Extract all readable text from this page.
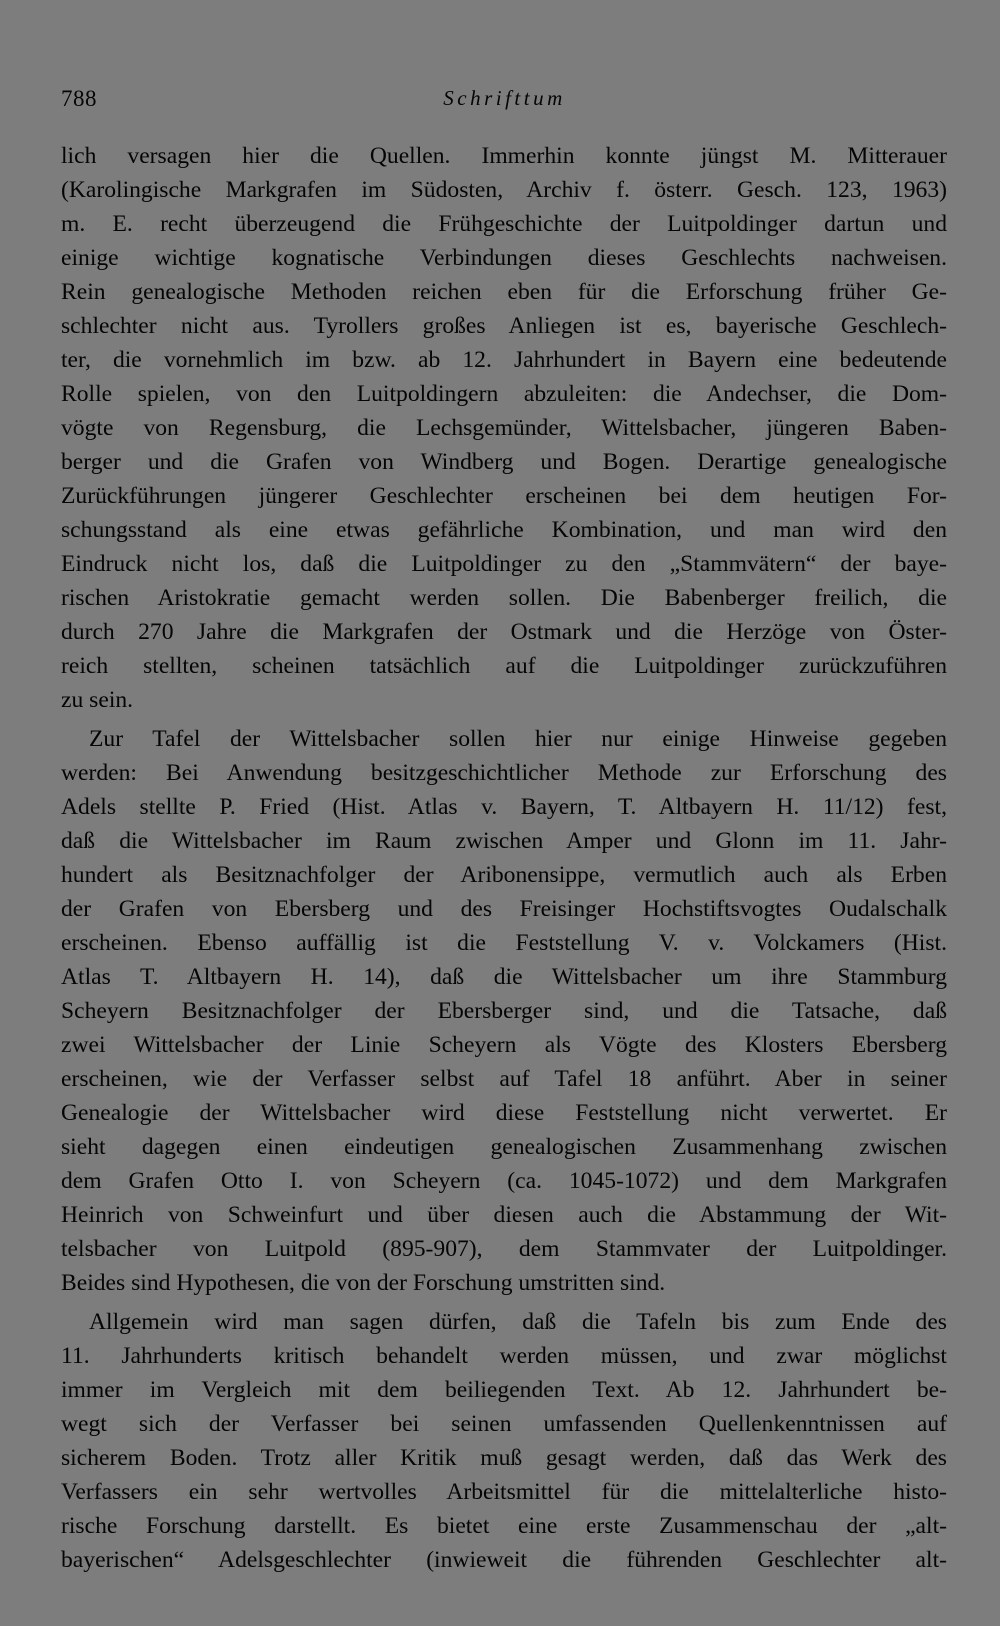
788	Schrifttum
lich versagen hier die Quellen. Immerhin konnte jüngst M. Mitterauer
(Karolingische Markgrafen im Südosten, Archiv f. österr. Gesch. 123, 1963)
m. E. recht überzeugend die Frühgeschichte der Luitpoldinger dartun und
einige wichtige kognatische Verbindungen dieses Geschlechts nachweisen.
Rein genealogische Methoden reichen eben für die Erforschung früher Ge-
schlechter nicht aus. Tyrollers großes Anliegen ist es, bayerische Geschlech-
ter, die vornehmlich im bzw. ab 12. Jahrhundert in Bayern eine bedeutende
Rolle spielen, von den Luitpoldingern abzuleiten: die Andechser, die Dom-
vögte von Regensburg, die Lechsgemünder, Wittelsbacher, jüngeren Baben-
berger und die Grafen von Windberg und Bogen. Derartige genealogische
Zurückführungen jüngerer Geschlechter erscheinen bei dem heutigen For-
schungsstand als eine etwas gefährliche Kombination, und man wird den
Eindruck nicht los, daß die Luitpoldinger zu den „Stammvätern“ der baye-
rischen Aristokratie gemacht werden sollen. Die Babenberger freilich, die
durch 270 Jahre die Markgrafen der Ostmark und die Herzöge von Öster-
reich stellten, scheinen tatsächlich auf die Luitpoldinger zurückzuführen
zu sein.
Zur Tafel der Wittelsbacher sollen hier nur einige Hinweise gegeben
werden: Bei Anwendung besitzgeschichtlicher Methode zur Erforschung des
Adels stellte P. Fried (Hist. Atlas v. Bayern, T. Altbayern H. 11/12) fest,
daß die Wittelsbacher im Raum zwischen Amper und Glonn im 11. Jahr-
hundert als Besitznachfolger der Aribonensippe, vermutlich auch als Erben
der Grafen von Ebersberg und des Freisinger Hochstiftsvogtes Oudalschalk
erscheinen. Ebenso auffällig ist die Feststellung V. v. Volckamers (Hist.
Atlas T. Altbayern H. 14), daß die Wittelsbacher um ihre Stammburg
Scheyern Besitznachfolger der Ebersberger sind, und die Tatsache, daß
zwei Wittelsbacher der Linie Scheyern als Vögte des Klosters Ebersberg
erscheinen, wie der Verfasser selbst auf Tafel 18 anführt. Aber in seiner
Genealogie der Wittelsbacher wird diese Feststellung nicht verwertet. Er
sieht dagegen einen eindeutigen genealogischen Zusammenhang zwischen
dem Grafen Otto I. von Scheyern (ca. 1045-1072) und dem Markgrafen
Heinrich von Schweinfurt und über diesen auch die Abstammung der Wit-
telsbacher von Luitpold (895-907), dem Stammvater der Luitpoldinger.
Beides sind Hypothesen, die von der Forschung umstritten sind.
Allgemein wird man sagen dürfen, daß die Tafeln bis zum Ende des
11. Jahrhunderts kritisch behandelt werden müssen, und zwar möglichst
immer im Vergleich mit dem beiliegenden Text. Ab 12. Jahrhundert be-
wegt sich der Verfasser bei seinen umfassenden Quellenkenntnissen auf
sicherem Boden. Trotz aller Kritik muß gesagt werden, daß das Werk des
Verfassers ein sehr wertvolles Arbeitsmittel für die mittelalterliche histo-
rische Forschung darstellt. Es bietet eine erste Zusammenschau der „alt-
bayerischen“ Adelsgeschlechter (inwieweit die führenden Geschlechter alt-
